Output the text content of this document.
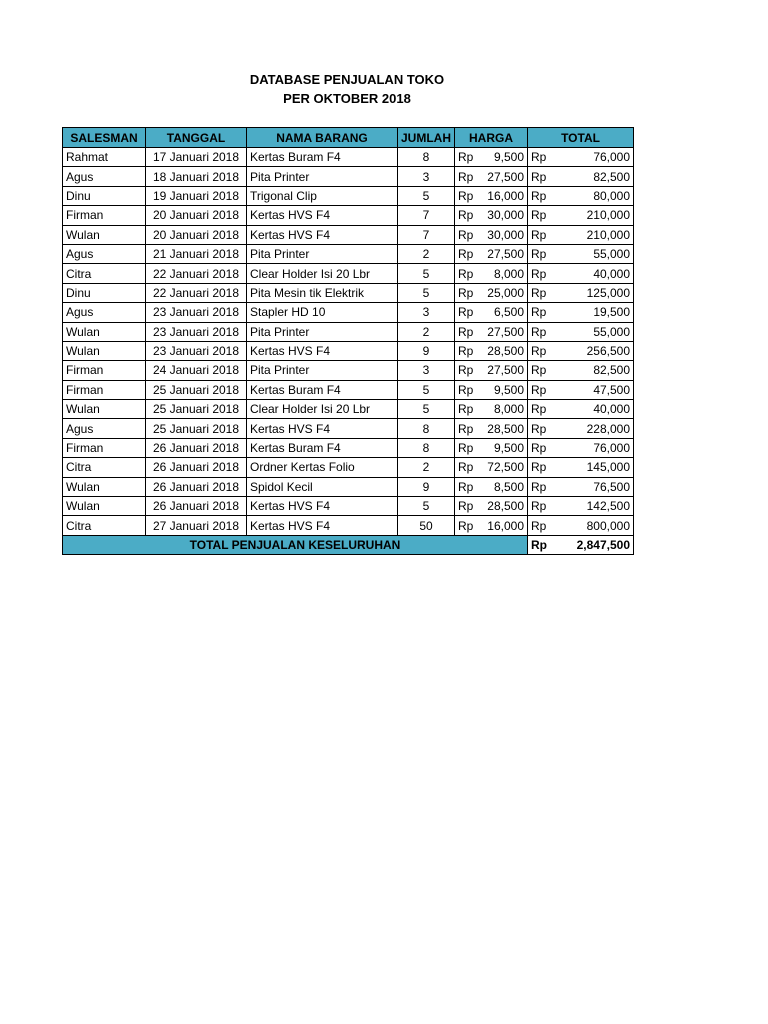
DATABASE PENJUALAN TOKO
PER OKTOBER 2018
SALESMAN	TANGGAL	NAMA BARANG	JUMLAH	HARGA		TOTAL	
Rahmat	17 Januari 2018	Kertas Buram F4	8	Rp	9,500	Rp	76,000
Agus	18 Januari 2018	Pita Printer	3	Rp	27,500	Rp	82,500
Dinu	19 Januari 2018	Trigonal Clip	5	Rp	16,000	Rp	80,000
Firman	20 Januari 2018	Kertas HVS F4	7	Rp	30,000	Rp	210,000
Wulan	20 Januari 2018	Kertas HVS F4	7	Rp	30,000	Rp	210,000
Agus	21 Januari 2018	Pita Printer	2	Rp	27,500	Rp	55,000
Citra	22 Januari 2018	Clear Holder Isi 20 Lbr	5	Rp	8,000	Rp	40,000
Dinu	22 Januari 2018	Pita Mesin tik Elektrik	5	Rp	25,000	Rp	125,000
Agus	23 Januari 2018	Stapler HD 10	3	Rp	6,500	Rp	19,500
Wulan	23 Januari 2018	Pita Printer	2	Rp	27,500	Rp	55,000
Wulan	23 Januari 2018	Kertas HVS F4	9	Rp	28,500	Rp	256,500
Firman	24 Januari 2018	Pita Printer	3	Rp	27,500	Rp	82,500
Firman	25 Januari 2018	Kertas Buram F4	5	Rp	9,500	Rp	47,500
Wulan	25 Januari 2018	Clear Holder Isi 20 Lbr	5	Rp	8,000	Rp	40,000
Agus	25 Januari 2018	Kertas HVS F4	8	Rp	28,500	Rp	228,000
Firman	26 Januari 2018	Kertas Buram F4	8	Rp	9,500	Rp	76,000
Citra	26 Januari 2018	Ordner Kertas Folio	2	Rp	72,500	Rp	145,000
Wulan	26 Januari 2018	Spidol Kecil	9	Rp	8,500	Rp	76,500
Wulan	26 Januari 2018	Kertas HVS F4	5	Rp	28,500	Rp	142,500
Citra	27 Januari 2018	Kertas HVS F4	50	Rp	16,000	Rp	800,000
TOTAL PENJUALAN KESELURUHAN						Rp	2,847,500
